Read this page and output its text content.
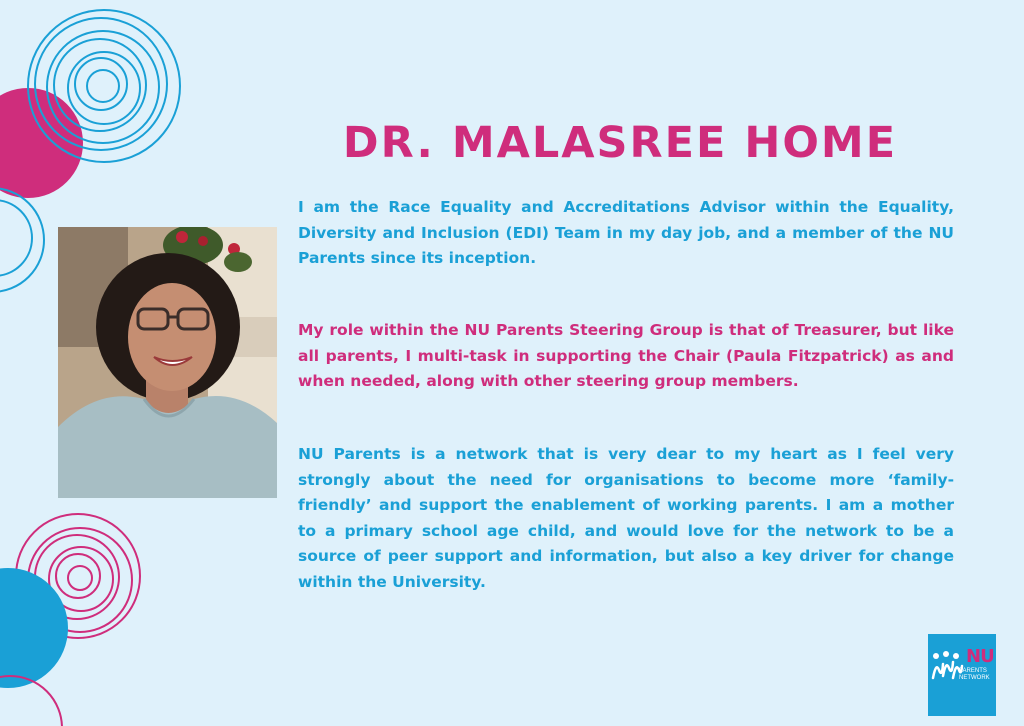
DR. MALASREE HOME

I am the Race Equality and Accreditations Advisor within the Equality, Diversity and Inclusion (EDI) Team in my day job, and a member of the NU Parents since its inception.

My role within the NU Parents Steering Group is that of Treasurer, but like all parents, I multi-task in supporting the Chair (Paula Fitzpatrick) as and when needed, along with other steering group members.

NU Parents is a network that is very dear to my heart as I feel very strongly about the need for organisations to become more ‘family-friendly’ and support the enablement of working parents. I am a mother to a primary school age child, and would love for the network to be a source of peer support and information, but also a key driver for change within the University.

NU
PARENTS
NETWORK
